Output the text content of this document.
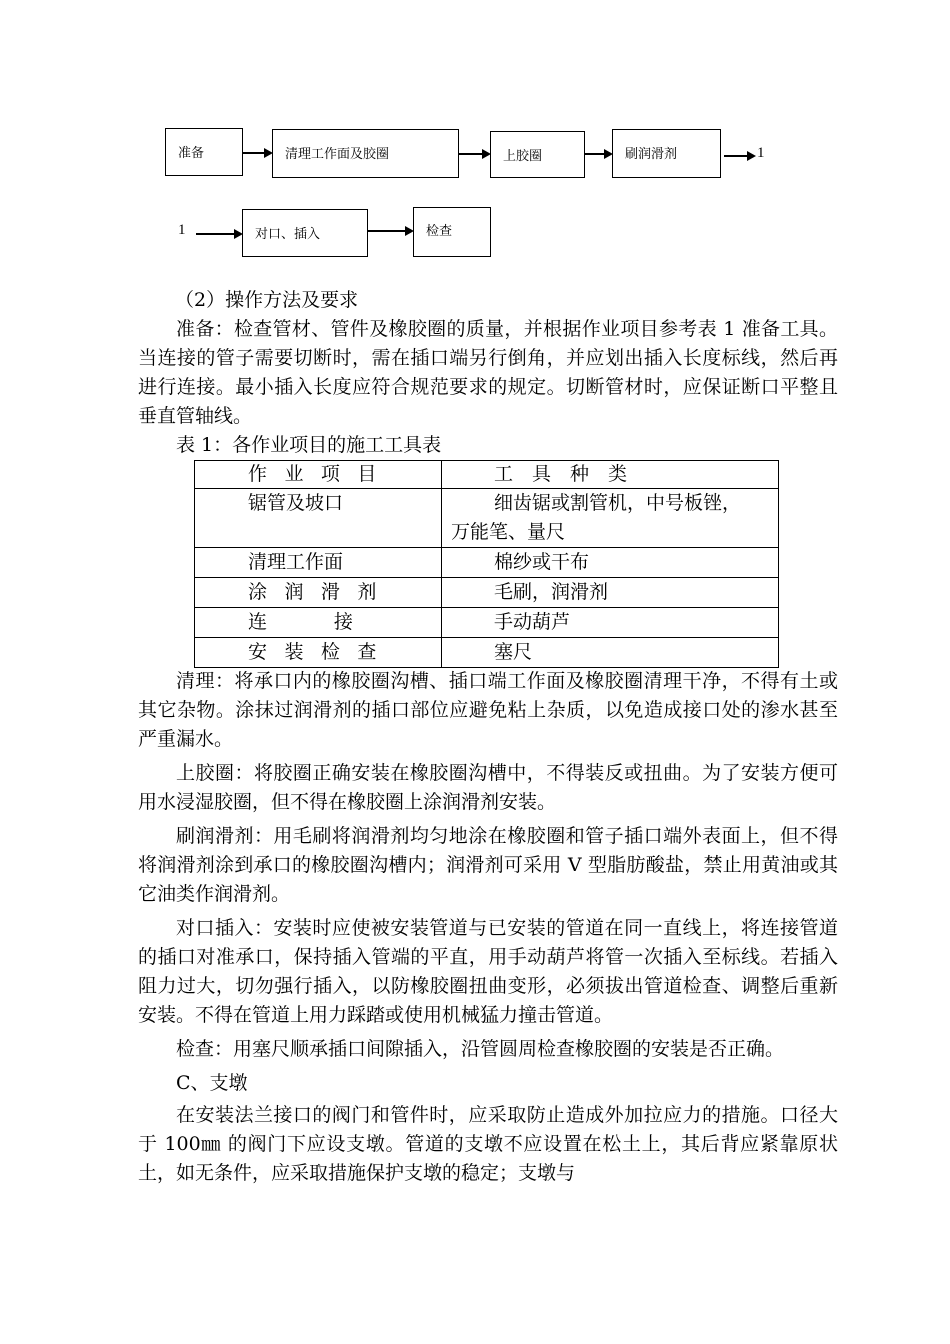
准备	清理工作面及胶圈	上胶圈	刷润滑剂	1
1	对口、插入	检查

（2）操作方法及要求

准备：检查管材、管件及橡胶圈的质量，并根据作业项目参考表 1 准备工具。当连接的管子需要切断时，需在插口端另行倒角，并应划出插入长度标线，然后再进行连接。最小插入长度应符合规范要求的规定。切断管材时，应保证断口平整且垂直管轴线。

表 1：各作业项目的施工工具表

作 业 项 目	工　具　种　类

锯管及坡口	细齿锯或割管机，中号板锉，
万能笔、量尺

清理工作面	棉纱或干布

涂 润 滑 剂	毛刷，润滑剂

连　　 接	手动葫芦

安 装 检 查	塞尺

清理：将承口内的橡胶圈沟槽、插口端工作面及橡胶圈清理干净，不得有土或其它杂物。涂抹过润滑剂的插口部位应避免粘上杂质，以免造成接口处的渗水甚至严重漏水。

上胶圈：将胶圈正确安装在橡胶圈沟槽中，不得装反或扭曲。为了安装方便可用水浸湿胶圈，但不得在橡胶圈上涂润滑剂安装。

刷润滑剂：用毛刷将润滑剂均匀地涂在橡胶圈和管子插口端外表面上，但不得将润滑剂涂到承口的橡胶圈沟槽内；润滑剂可采用 V 型脂肪酸盐，禁止用黄油或其它油类作润滑剂。

对口插入：安装时应使被安装管道与已安装的管道在同一直线上，将连接管道的插口对准承口，保持插入管端的平直，用手动葫芦将管一次插入至标线。若插入阻力过大，切勿强行插入，以防橡胶圈扭曲变形，必须拔出管道检查、调整后重新安装。不得在管道上用力踩踏或使用机械猛力撞击管道。

检查：用塞尺顺承插口间隙插入，沿管圆周检查橡胶圈的安装是否正确。

C、支墩

在安装法兰接口的阀门和管件时，应采取防止造成外加拉应力的措施。口径大于 100㎜ 的阀门下应设支墩。管道的支墩不应设置在松土上，其后背应紧靠原状土，如无条件，应采取措施保护支墩的稳定；支墩与
